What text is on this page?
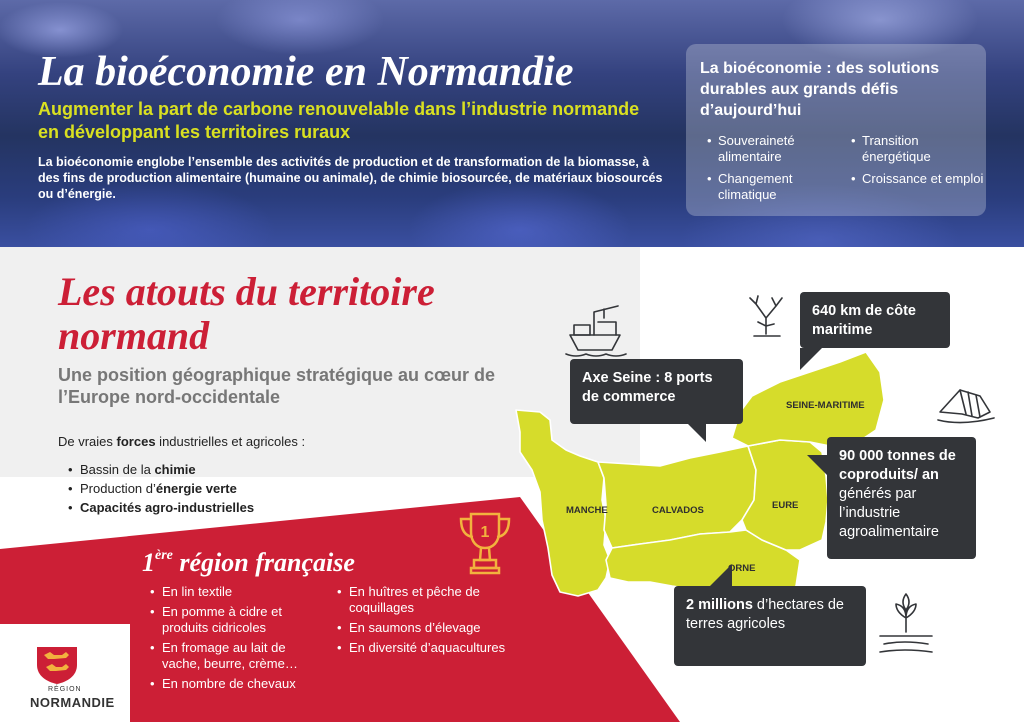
La bioéconomie en Normandie
Augmenter la part de carbone renouvelable dans l’industrie normande en développant les territoires ruraux

La bioéconomie englobe l’ensemble des activités de production et de transformation de la biomasse, à des fins de production alimentaire (humaine ou animale), de chimie biosourcée, de matériaux biosourcés ou d’énergie.

La bioéconomie : des solutions durables aux grands défis d’aujourd’hui
• Souveraineté alimentaire
• Transition énergétique
• Changement climatique
• Croissance et emploi
Les atouts du territoire normand
Une position géographique stratégique au cœur de l’Europe nord-occidentale

De vraies forces industrielles et agricoles :

• Bassin de la chimie
• Production d’énergie verte
• Capacités agro-industrielles
1
1ère région française
• En lin textile
• En pomme à cidre et produits cidricoles
• En fromage au lait de vache, beurre, crème…
• En nombre de chevaux
• En huîtres et pêche de coquillages
• En saumons d’élevage
• En diversité d’aquacultures
RÉGION
NORMANDIE
MANCHE	CALVADOS	EURE
ORNE
SEINE-MARITIME
Axe Seine : 8 ports de commerce
640 km de côte maritime
90 000 tonnes de coproduits/ an générés par l’industrie agroalimentaire
2 millions d’hectares de terres agricoles
